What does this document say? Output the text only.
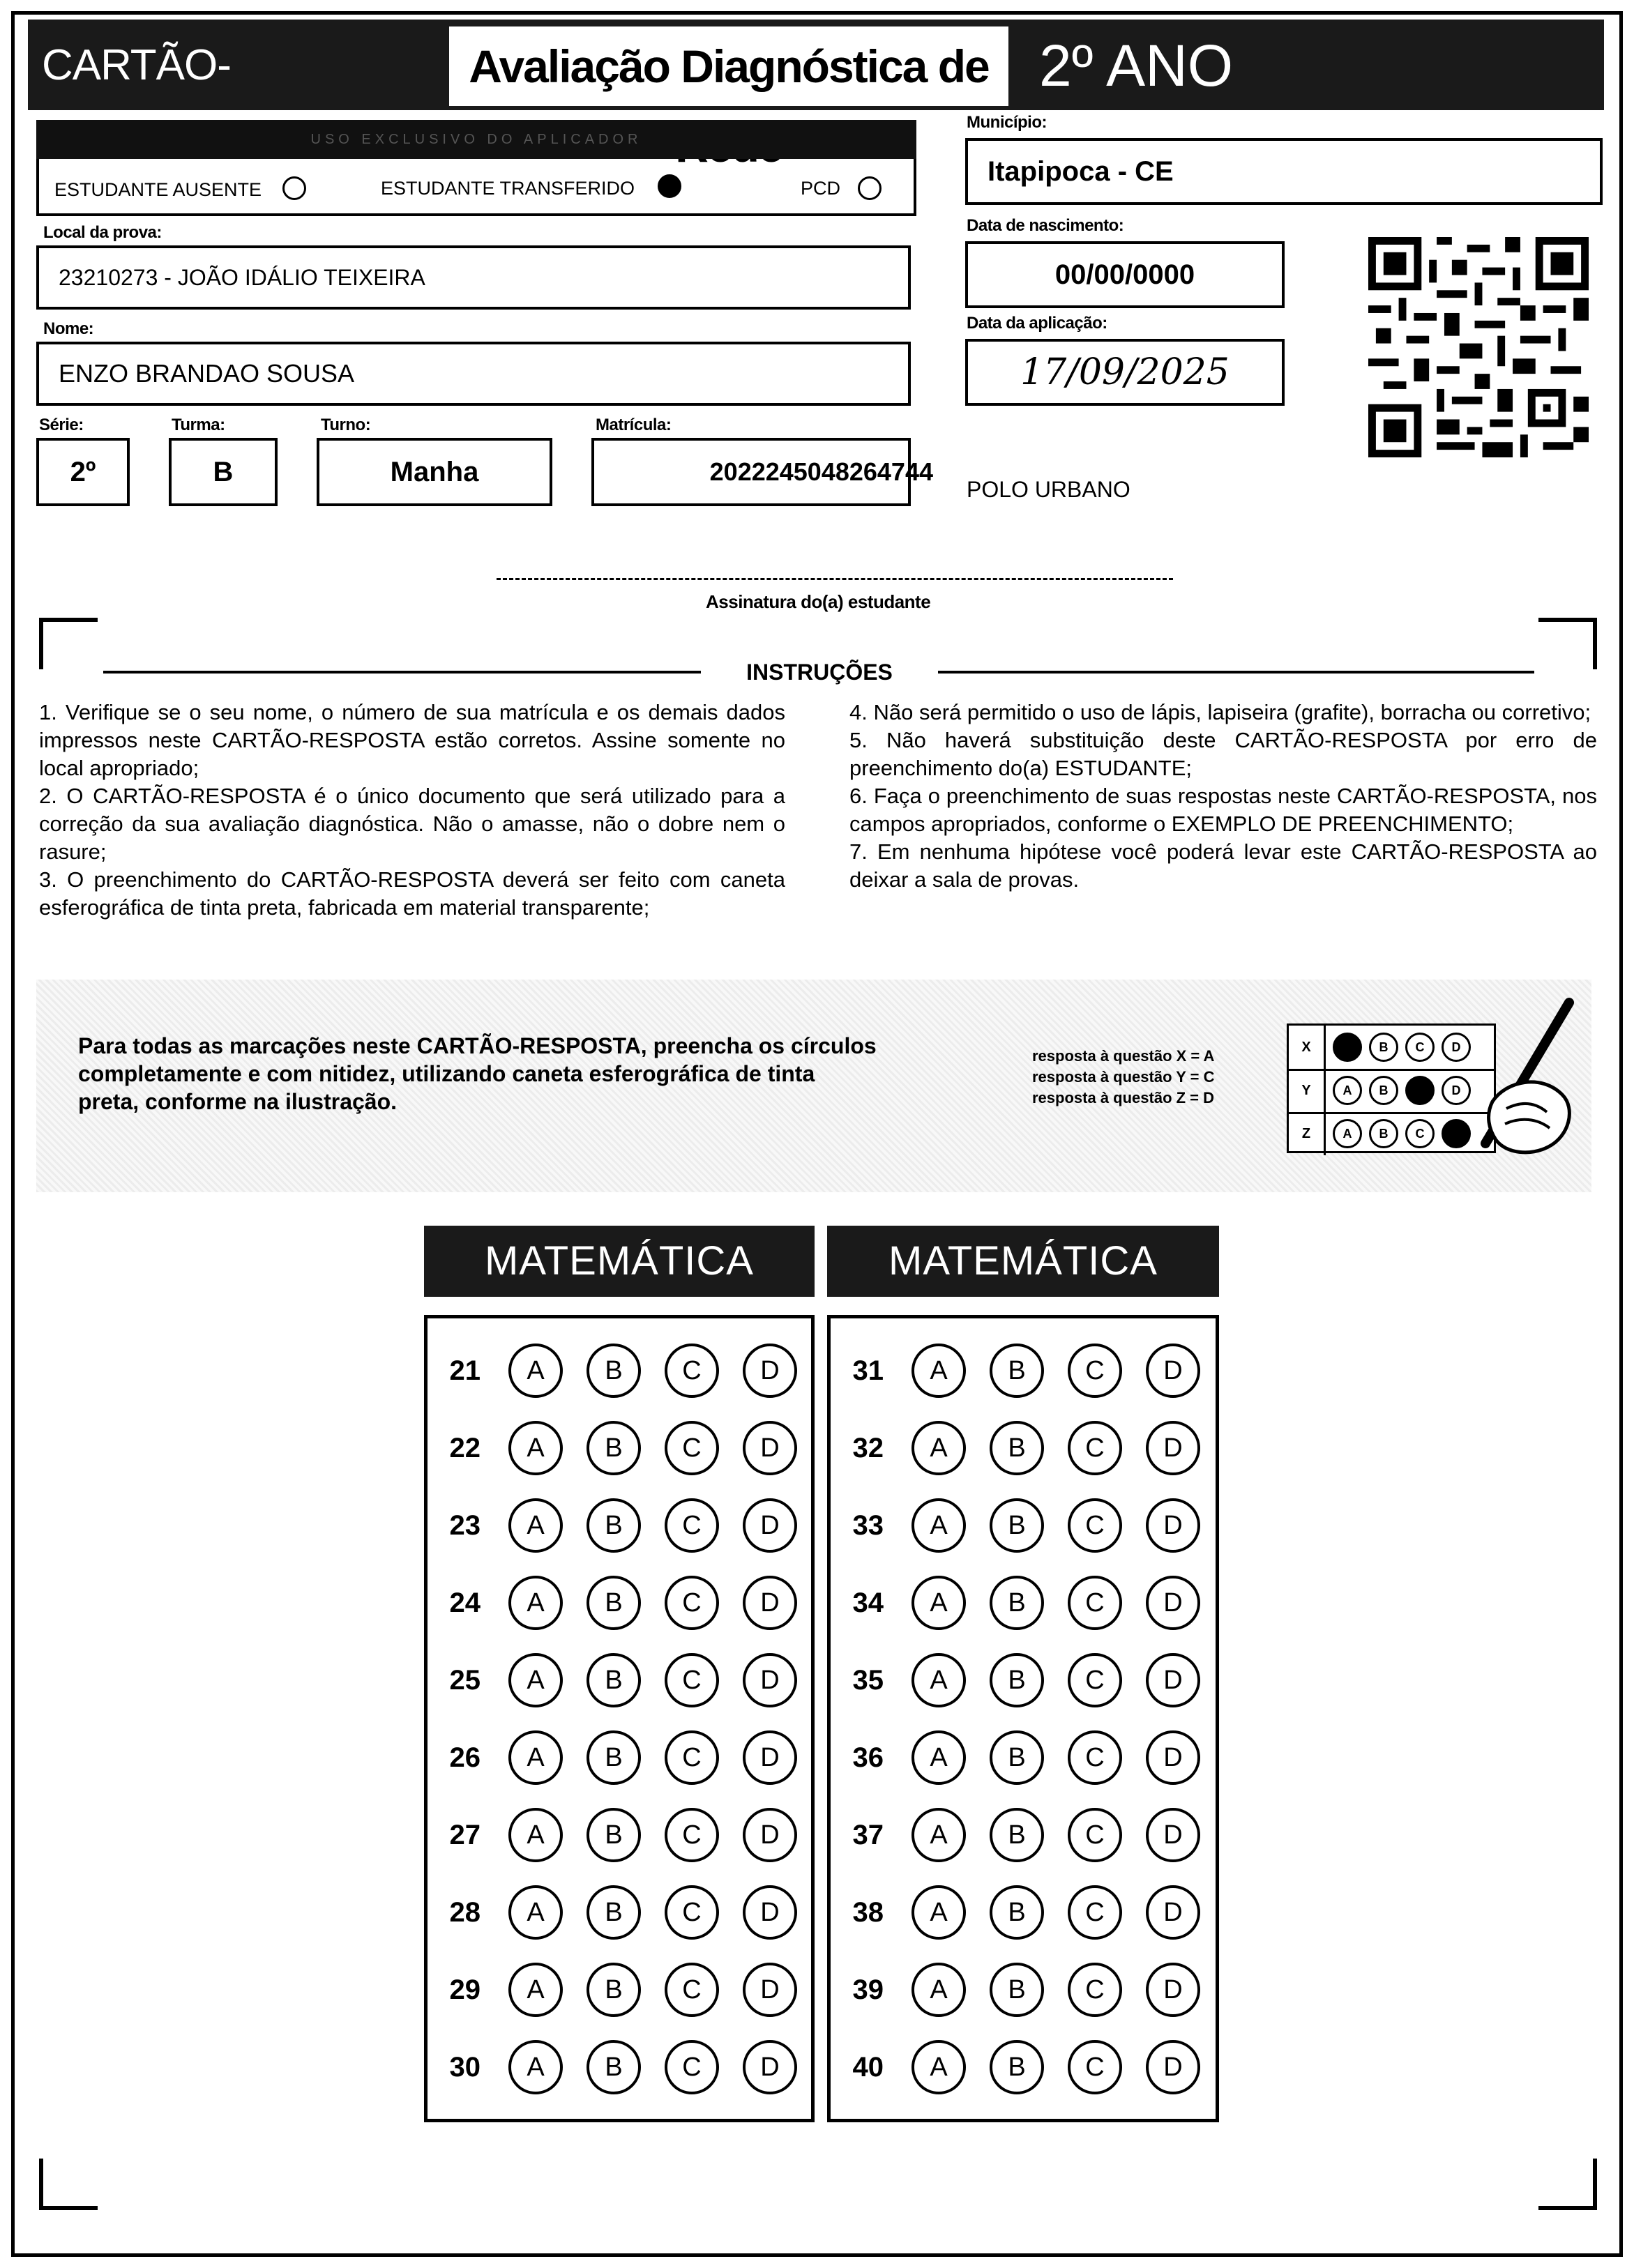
CARTÃO-	Avaliação Diagnóstica de 2º ANO
USO EXCLUSIVO DO APLICADOR
ESTUDANTE AUSENTE	ESTUDANTE TRANSFERIDO	PCD
Município:
Itapipoca - CE
Local da prova:
23210273 - JOÃO IDÁLIO TEIXEIRA
Data de nascimento:
00/00/0000
Nome:
ENZO BRANDAO SOUSA
Data da aplicação:
17/09/2025
Série:
2º
Turma:
B
Turno:
Manha
Matrícula:
2022245048264744
POLO URBANO
Assinatura do(a) estudante
INSTRUÇÕES

1. Verifique se o seu nome, o número de sua matrícula e os demais dados impressos neste CARTÃO-RESPOSTA estão corretos. Assine somente no local apropriado;

2. O CARTÃO-RESPOSTA é o único documento que será utilizado para a correção da sua avaliação diagnóstica. Não o amasse, não o dobre nem o rasure;

3. O preenchimento do CARTÃO-RESPOSTA deverá ser feito com caneta esferográfica de tinta preta, fabricada em material transparente;

4. Não será permitido o uso de lápis, lapiseira (grafite), borracha ou corretivo;

5. Não haverá substituição deste CARTÃO-RESPOSTA por erro de preenchimento do(a) ESTUDANTE;

6. Faça o preenchimento de suas respostas neste CARTÃO-RESPOSTA, nos campos apropriados, conforme o EXEMPLO DE PREENCHIMENTO;

7. Em nenhuma hipótese você poderá levar este CARTÃO-RESPOSTA ao deixar a sala de provas.

Para todas as marcações neste CARTÃO-RESPOSTA, preencha os círculos completamente e com nitidez, utilizando caneta esferográfica de tinta preta, conforme na ilustração.
resposta à questão X = A
resposta à questão Y = C
resposta à questão Z = D
X	A	B	C	D
Y	A	B	C	D
Z	A	B	C	D
MATEMÁTICA	MATEMÁTICA
21	A	B	C	D
22	A	B	C	D
23	A	B	C	D
24	A	B	C	D
25	A	B	C	D
26	A	B	C	D
27	A	B	C	D
28	A	B	C	D
29	A	B	C	D
30	A	B	C	D
31	A	B	C	D
32	A	B	C	D
33	A	B	C	D
34	A	B	C	D
35	A	B	C	D
36	A	B	C	D
37	A	B	C	D
38	A	B	C	D
39	A	B	C	D
40	A	B	C	D
